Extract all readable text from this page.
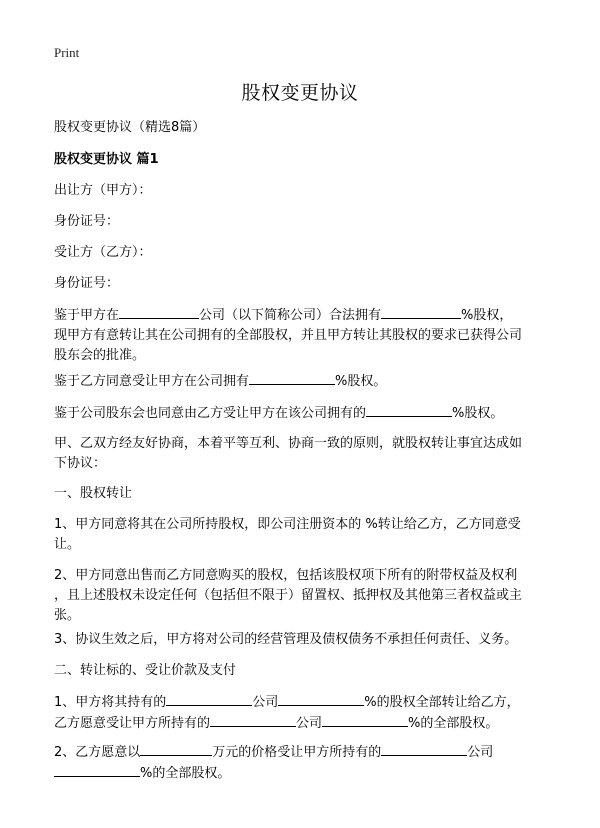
Print
股权变更协议
股权变更协议（精选8篇）
股权变更协议 篇1
出让方（甲方）：
身份证号：
受让方（乙方）：
身份证号：
鉴于甲方在	公司（以下简称公司）合法拥有	%股权，
现甲方有意转让其在公司拥有的全部股权，并且甲方转让其股权的要求已获得公司
股东会的批准。
鉴于乙方同意受让甲方在公司拥有	%股权。
鉴于公司股东会也同意由乙方受让甲方在该公司拥有的	%股权。
甲、乙双方经友好协商，本着平等互利、协商一致的原则，就股权转让事宜达成如
下协议：
一、股权转让
1、甲方同意将其在公司所持股权，即公司注册资本的 %转让给乙方，乙方同意受
让。
2、甲方同意出售而乙方同意购买的股权，包括该股权项下所有的附带权益及权利
，且上述股权未设定任何（包括但不限于）留置权、抵押权及其他第三者权益或主
张。
3、协议生效之后，甲方将对公司的经营管理及债权债务不承担任何责任、义务。
二、转让标的、受让价款及支付
1、甲方将其持有的	公司	%的股权全部转让给乙方，
乙方愿意受让甲方所持有的	公司	%的全部股权。
2、乙方愿意以	万元的价格受让甲方所持有的	公司
%的全部股权。
